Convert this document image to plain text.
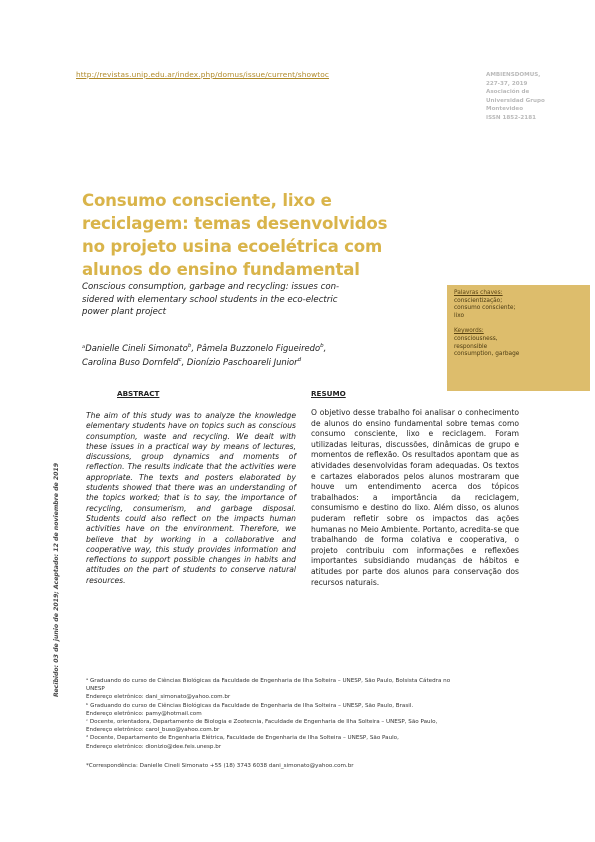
http://revistas.unip.edu.ar/index.php/domus/issue/current/showtoc	AMBIENSDOMUS,
227-37, 2019
Asociación de
Universidad Grupo
Montevideo
ISSN 1852-2181
Consumo consciente, lixo e
reciclagem: temas desenvolvidos
no projeto usina ecoelétrica com
alunos do ensino fundamental
Conscious consumption, garbage and recycling: issues con-
sidered with elementary school students in the eco-electric
power plant project
ᵃDanielle Cineli Simonato$^b$, Pâmela Buzzonelo Figueiredo$^b$,
Carolina Buso Dornfeld$^c$, Dionízio Paschoareli Junior$^d$
Palavras chaves:
conscientização;
consumo consciente;
lixo
Keywords:
consciousness,
responsible
consumption, garbage
ABSTRACT	RESUMO
The aim of this study was to analyze the knowledge elementary students have on topics such as conscious consumption, waste and recycling. We dealt with these issues in a practical way by means of lectures, discussions, group dynamics and moments of reflection. The results indicate that the activities were appropriate. The texts and posters elaborated by students showed that there was an understanding of the topics worked; that is to say, the importance of recycling, consumerism, and garbage disposal. Students could also reflect on the impacts human activities have on the environment. Therefore, we believe that by working in a collaborative and cooperative way, this study provides information and reflections to support possible changes in habits and attitudes on the part of students to conserve natural resources.
O objetivo desse trabalho foi analisar o conhecimento de alunos do ensino fundamental sobre temas como consumo consciente, lixo e reciclagem. Foram utilizadas leituras, discussões, dinâmicas de grupo e momentos de reflexão. Os resultados apontam que as atividades desenvolvidas foram adequadas. Os textos e cartazes elaborados pelos alunos mostraram que houve um entendimento acerca dos tópicos trabalhados: a importância da reciclagem, consumismo e destino do lixo. Além disso, os alunos puderam refletir sobre os impactos das ações humanas no Meio Ambiente. Portanto, acredita-se que trabalhando de forma colativa e cooperativa, o projeto contribuiu com informações e reflexões importantes subsidiando mudanças de hábitos e atitudes por parte dos alunos para conservação dos recursos naturais.
Recibido: 03 de junio de 2019; Aceptado: 12 de noviembre de 2019	ᵃ Graduando do curso de Ciências Biológicas da Faculdade de Engenharia de Ilha Solteira – UNESP, São Paulo, Bolsista Cátedra no
UNESP
Endereço eletrônico: dani_simonato@yahoo.com.br
ᵇ Graduando do curso de Ciências Biológicas da Faculdade de Engenharia de Ilha Solteira – UNESP, São Paulo, Brasil.
Endereço eletrônico: pamy@hotmail.com
ᶜ Docente, orientadora, Departamento de Biologia e Zootecnia, Faculdade de Engenharia de Ilha Solteira – UNESP, São Paulo,
Endereço eletrônico: carol_buso@yahoo.com.br
ᵈ Docente, Departamento de Engenharia Elétrica, Faculdade de Engenharia de Ilha Solteira – UNESP, São Paulo,
Endereço eletrônico: dionizio@dee.feis.unesp.br
*Correspondência: Danielle Cineli Simonato +55 (18) 3743 6038 dani_simonato@yahoo.com.br
